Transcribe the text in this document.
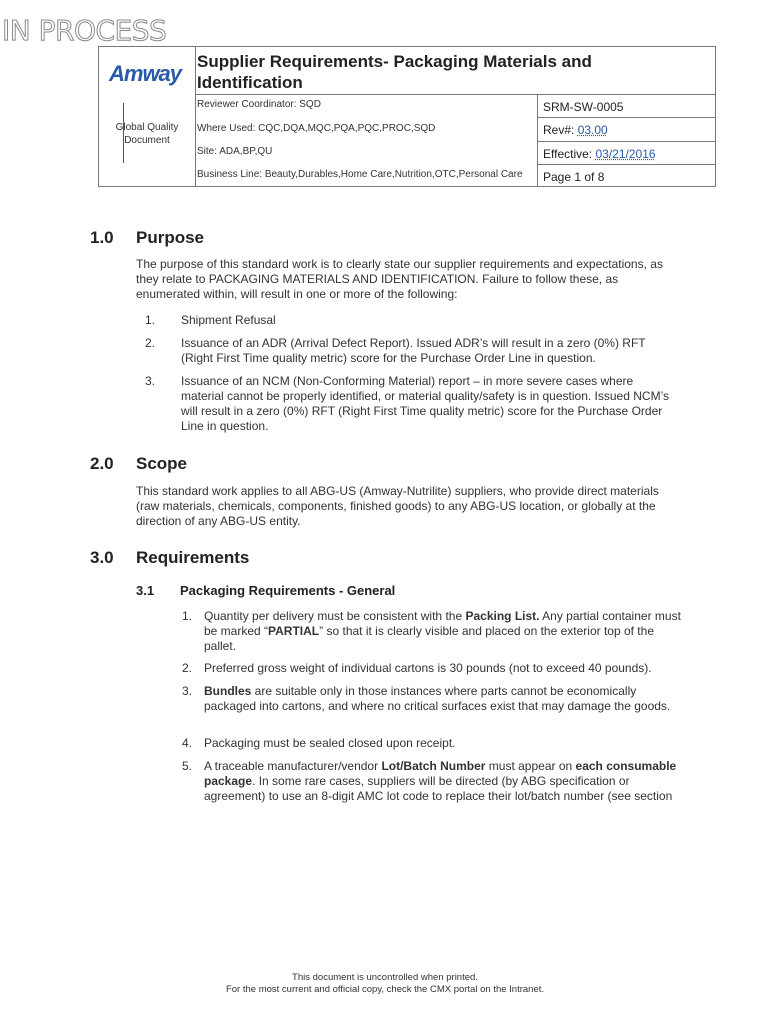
IN PROCESS
Amway
Global Quality Document
Supplier Requirements- Packaging Materials and Identification
Reviewer Coordinator: SQD
Where Used: CQC,DQA,MQC,PQA,PQC,PROC,SQD
Site: ADA,BP,QU
Business Line: Beauty,Durables,Home Care,Nutrition,OTC,Personal Care
SRM-SW-0005
Rev#: 03.00
Effective: 03/21/2016
Page 1 of 8
1.0 Purpose

The purpose of this standard work is to clearly state our supplier requirements and expectations, as they relate to PACKAGING MATERIALS AND IDENTIFICATION. Failure to follow these, as enumerated within, will result in one or more of the following:

1. Shipment Refusal
2. Issuance of an ADR (Arrival Defect Report). Issued ADR’s will result in a zero (0%) RFT (Right First Time quality metric) score for the Purchase Order Line in question.
3. Issuance of an NCM (Non-Conforming Material) report – in more severe cases where material cannot be properly identified, or material quality/safety is in question. Issued NCM’s will result in a zero (0%) RFT (Right First Time quality metric) score for the Purchase Order Line in question.
2.0 Scope

This standard work applies to all ABG-US (Amway-Nutrilite) suppliers, who provide direct materials (raw materials, chemicals, components, finished goods) to any ABG-US location, or globally at the direction of any ABG-US entity.

3.0 Requirements
3.1 Packaging Requirements - General
1. Quantity per delivery must be consistent with the Packing List. Any partial container must be marked “PARTIAL” so that it is clearly visible and placed on the exterior top of the pallet.
2. Preferred gross weight of individual cartons is 30 pounds (not to exceed 40 pounds).
3. Bundles are suitable only in those instances where parts cannot be economically packaged into cartons, and where no critical surfaces exist that may damage the goods.
4. Packaging must be sealed closed upon receipt.
5. A traceable manufacturer/vendor Lot/Batch Number must appear on each consumable package. In some rare cases, suppliers will be directed (by ABG specification or agreement) to use an 8-digit AMC lot code to replace their lot/batch number (see section
This document is uncontrolled when printed.
For the most current and official copy, check the CMX portal on the Intranet.
